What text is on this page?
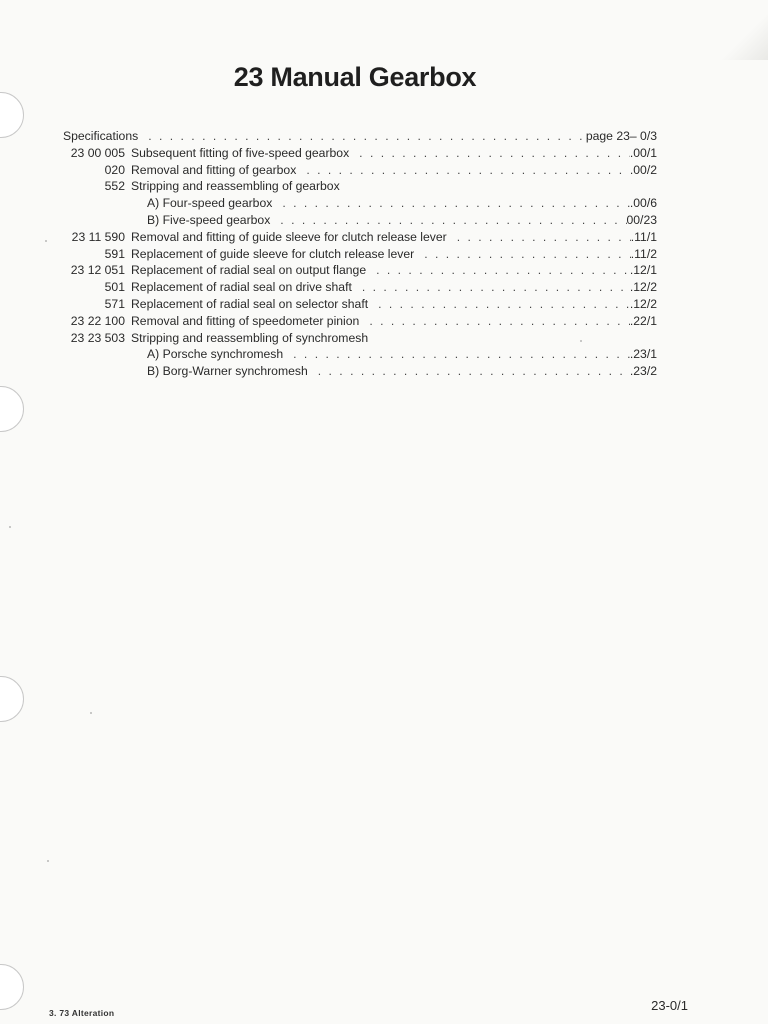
23 Manual Gearbox
Specifications . . .	page 23– 0/3
23 00 005 Subsequent fitting of five-speed gearbox . . .	.00/1
020 Removal and fitting of gearbox . . .	.00/2
552 Stripping and reassembling of gearbox
A) Four-speed gearbox . . .	.00/6
B) Five-speed gearbox . . .	00/23
23 11 590 Removal and fitting of guide sleeve for clutch release lever . . .	.11/1
591 Replacement of guide sleeve for clutch release lever . . .	.11/2
23 12 051 Replacement of radial seal on output flange . . .	.12/1
501 Replacement of radial seal on drive shaft . . .	.12/2
571 Replacement of radial seal on selector shaft . . .	.12/2
23 22 100 Removal and fitting of speedometer pinion . . .	.22/1
23 23 503 Stripping and reassembling of synchromesh
A) Porsche synchromesh . . .	.23/1
B) Borg-Warner synchromesh . . .	.23/2
3. 73 Alteration	23-0/1
